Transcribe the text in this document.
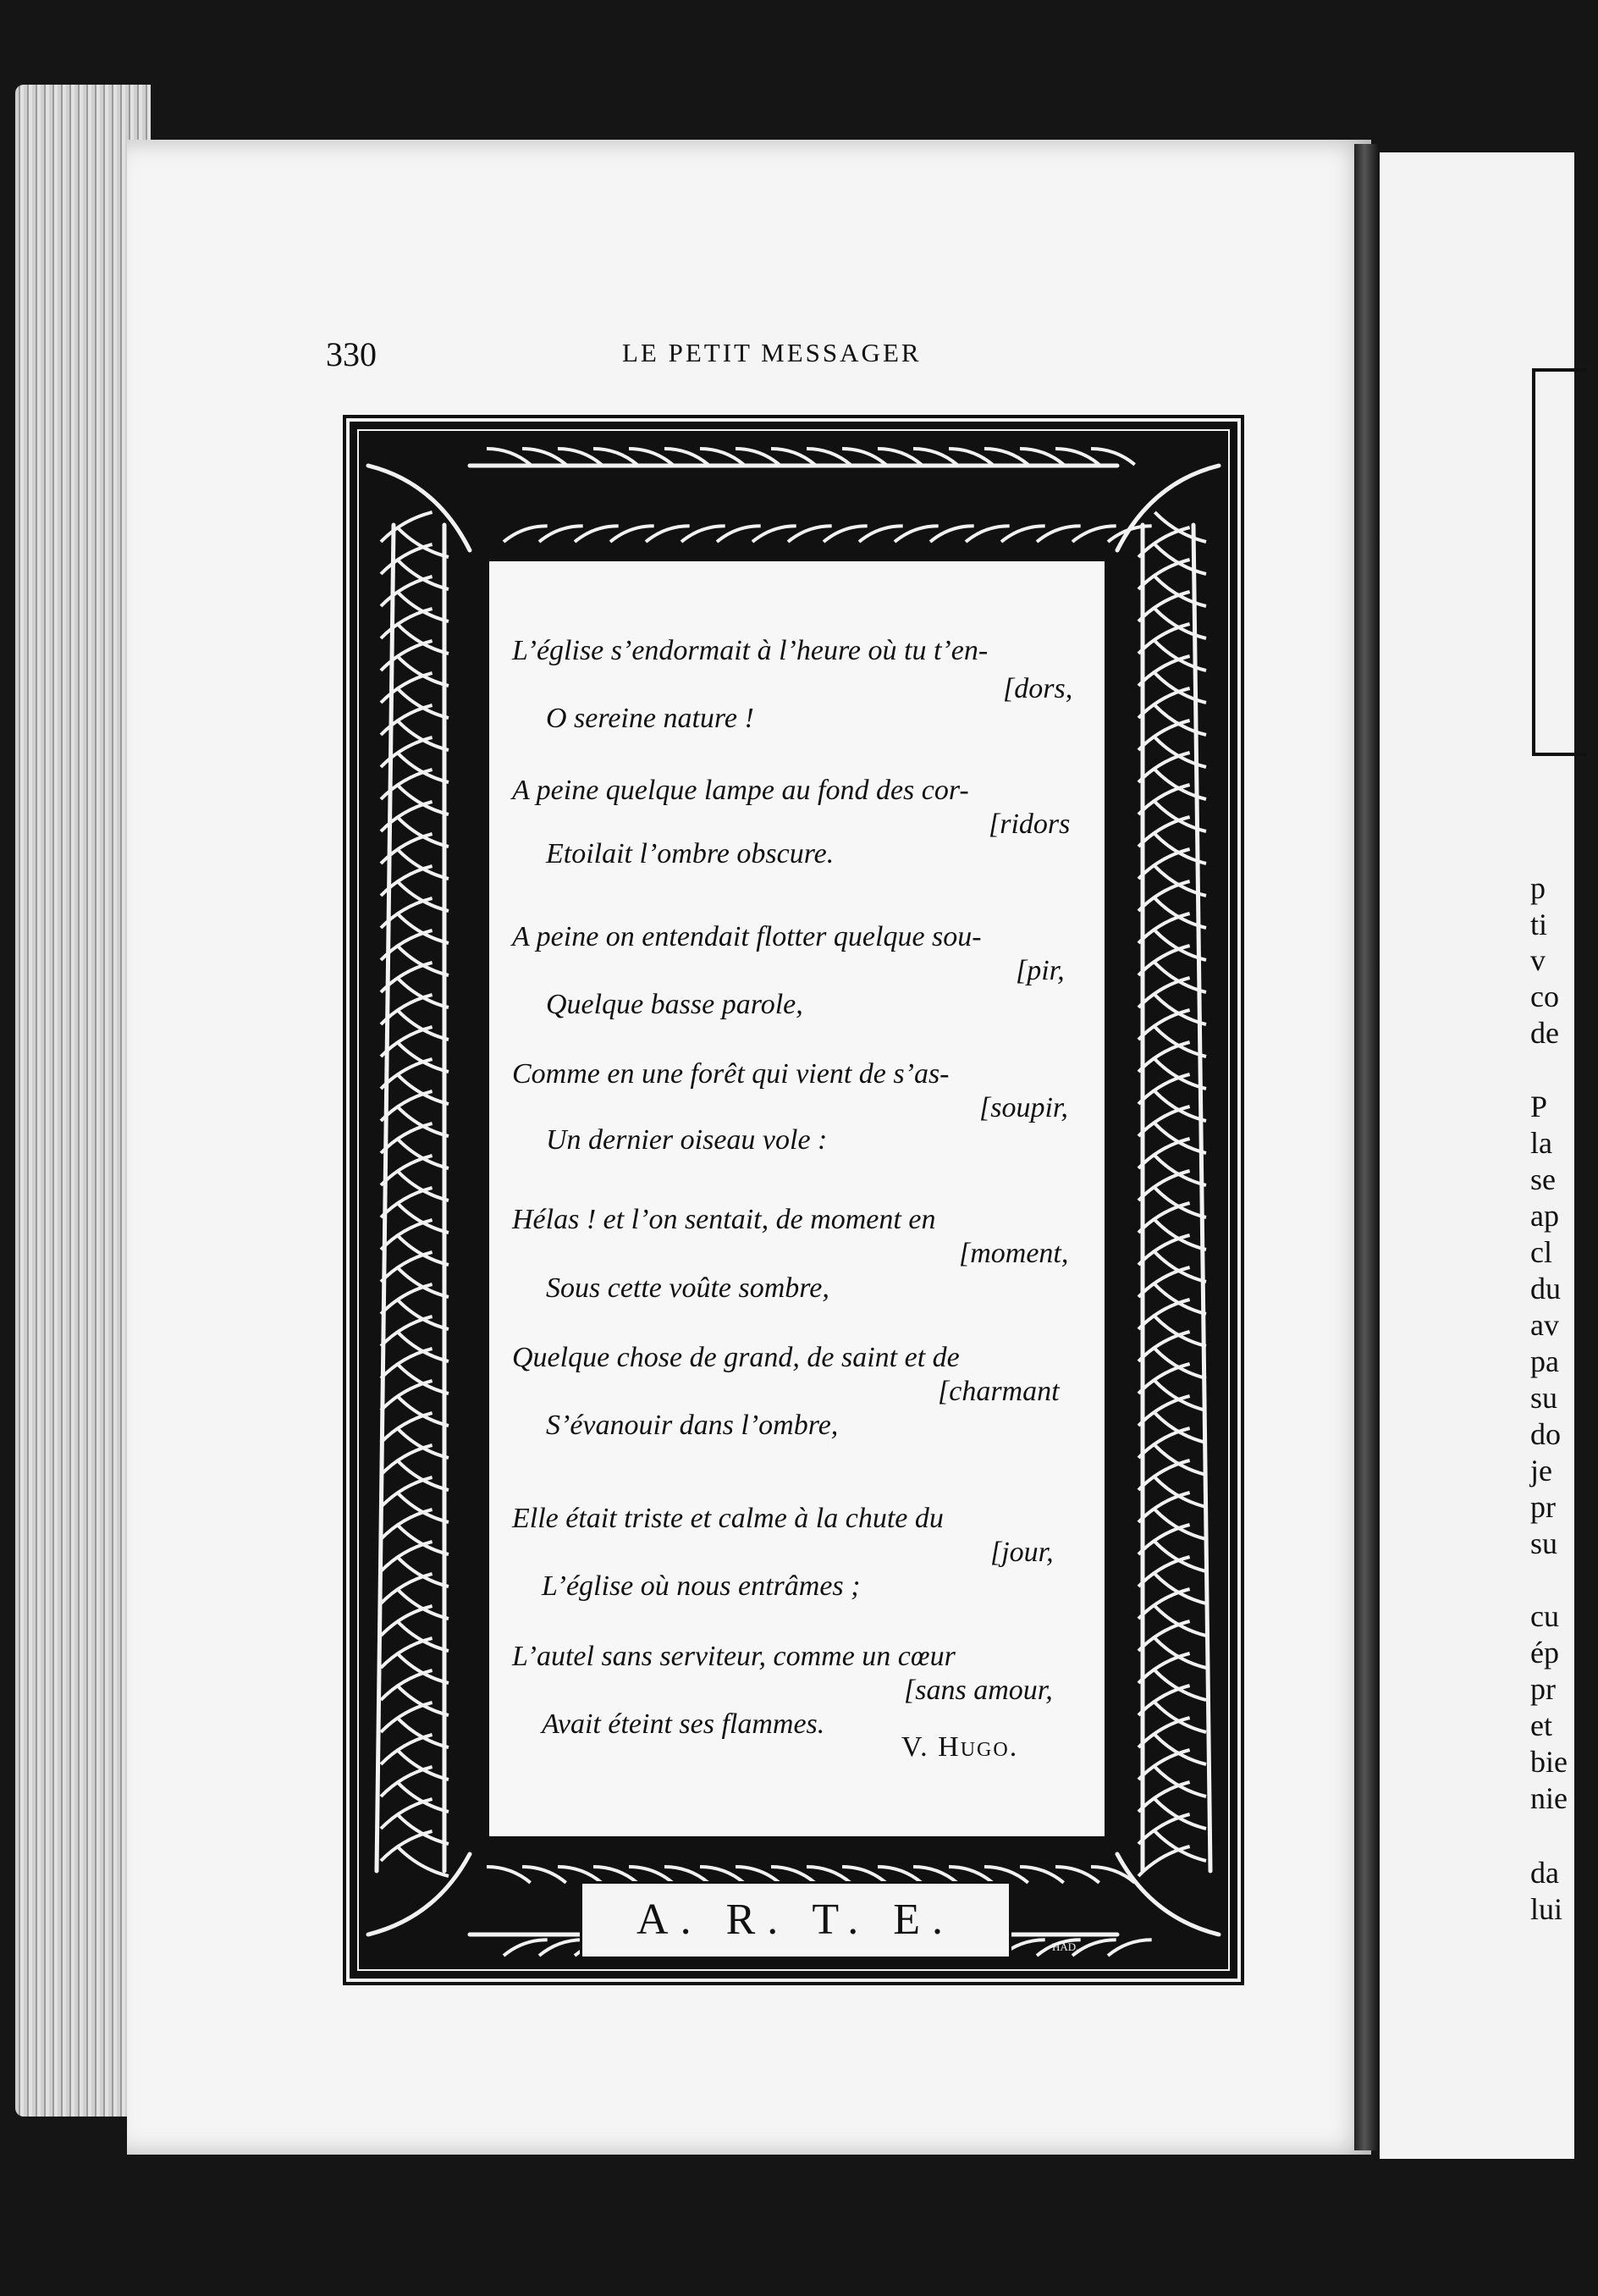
p
ti
v
co
de
P
la
se
ap
cl
du
av
pa
su
do
je
pr
su
cu
ép
pr
et
bie
nie
da
lui
330	LE PETIT MESSAGER
L’église s’endormait à l’heure où tu t’en-
[dors,
O sereine nature !
A peine quelque lampe au fond des cor-
[ridors
Etoilait l’ombre obscure.
A peine on entendait flotter quelque sou-
[pir,
Quelque basse parole,
Comme en une forêt qui vient de s’as-
[soupir,
Un dernier oiseau vole :
Hélas ! et l’on sentait, de moment en
[moment,
Sous cette voûte sombre,
Quelque chose de grand, de saint et de
[charmant
S’évanouir dans l’ombre,
Elle était triste et calme à la chute du
[jour,
L’église où nous entrâmes ;
L’autel sans serviteur, comme un cœur
[sans amour,
Avait éteint ses flammes.
V. Hugo.
A. R. T. E.
HAD.
